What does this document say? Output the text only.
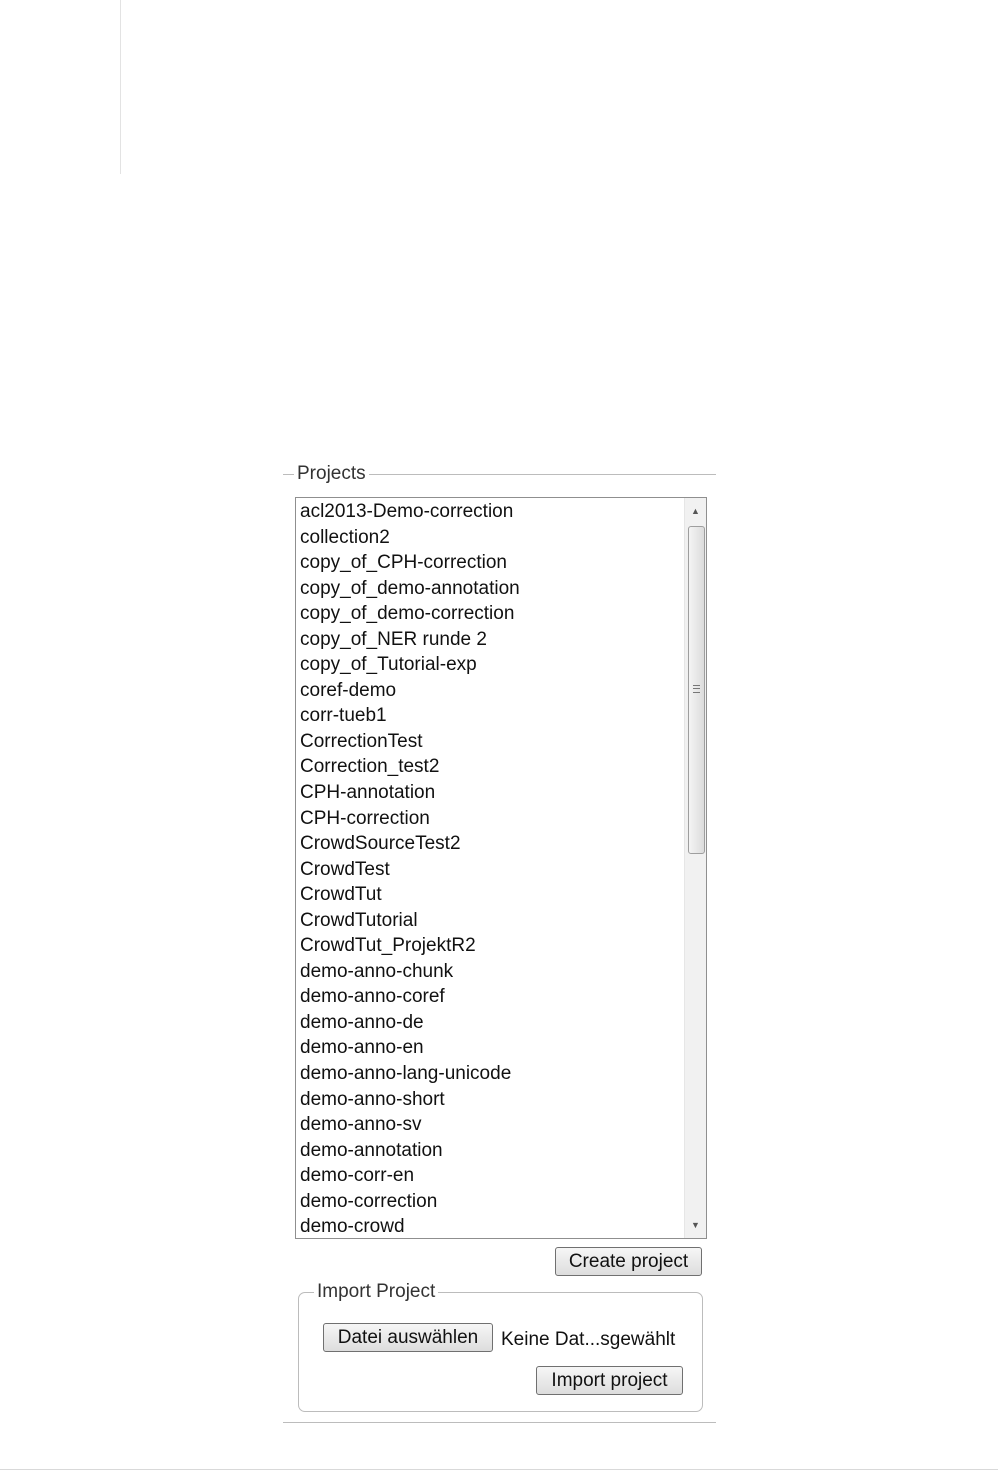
Projects
acl2013-Demo-correction
collection2
copy_of_CPH-correction
copy_of_demo-annotation
copy_of_demo-correction
copy_of_NER runde 2
copy_of_Tutorial-exp
coref-demo
corr-tueb1
CorrectionTest
Correction_test2
CPH-annotation
CPH-correction
CrowdSourceTest2
CrowdTest
CrowdTut
CrowdTutorial
CrowdTut_ProjektR2
demo-anno-chunk
demo-anno-coref
demo-anno-de
demo-anno-en
demo-anno-lang-unicode
demo-anno-short
demo-anno-sv
demo-annotation
demo-corr-en
demo-correction
demo-crowd
▲
▼
Create project
Import Project
Datei auswählen	Keine Dat...sgewählt
Import project
